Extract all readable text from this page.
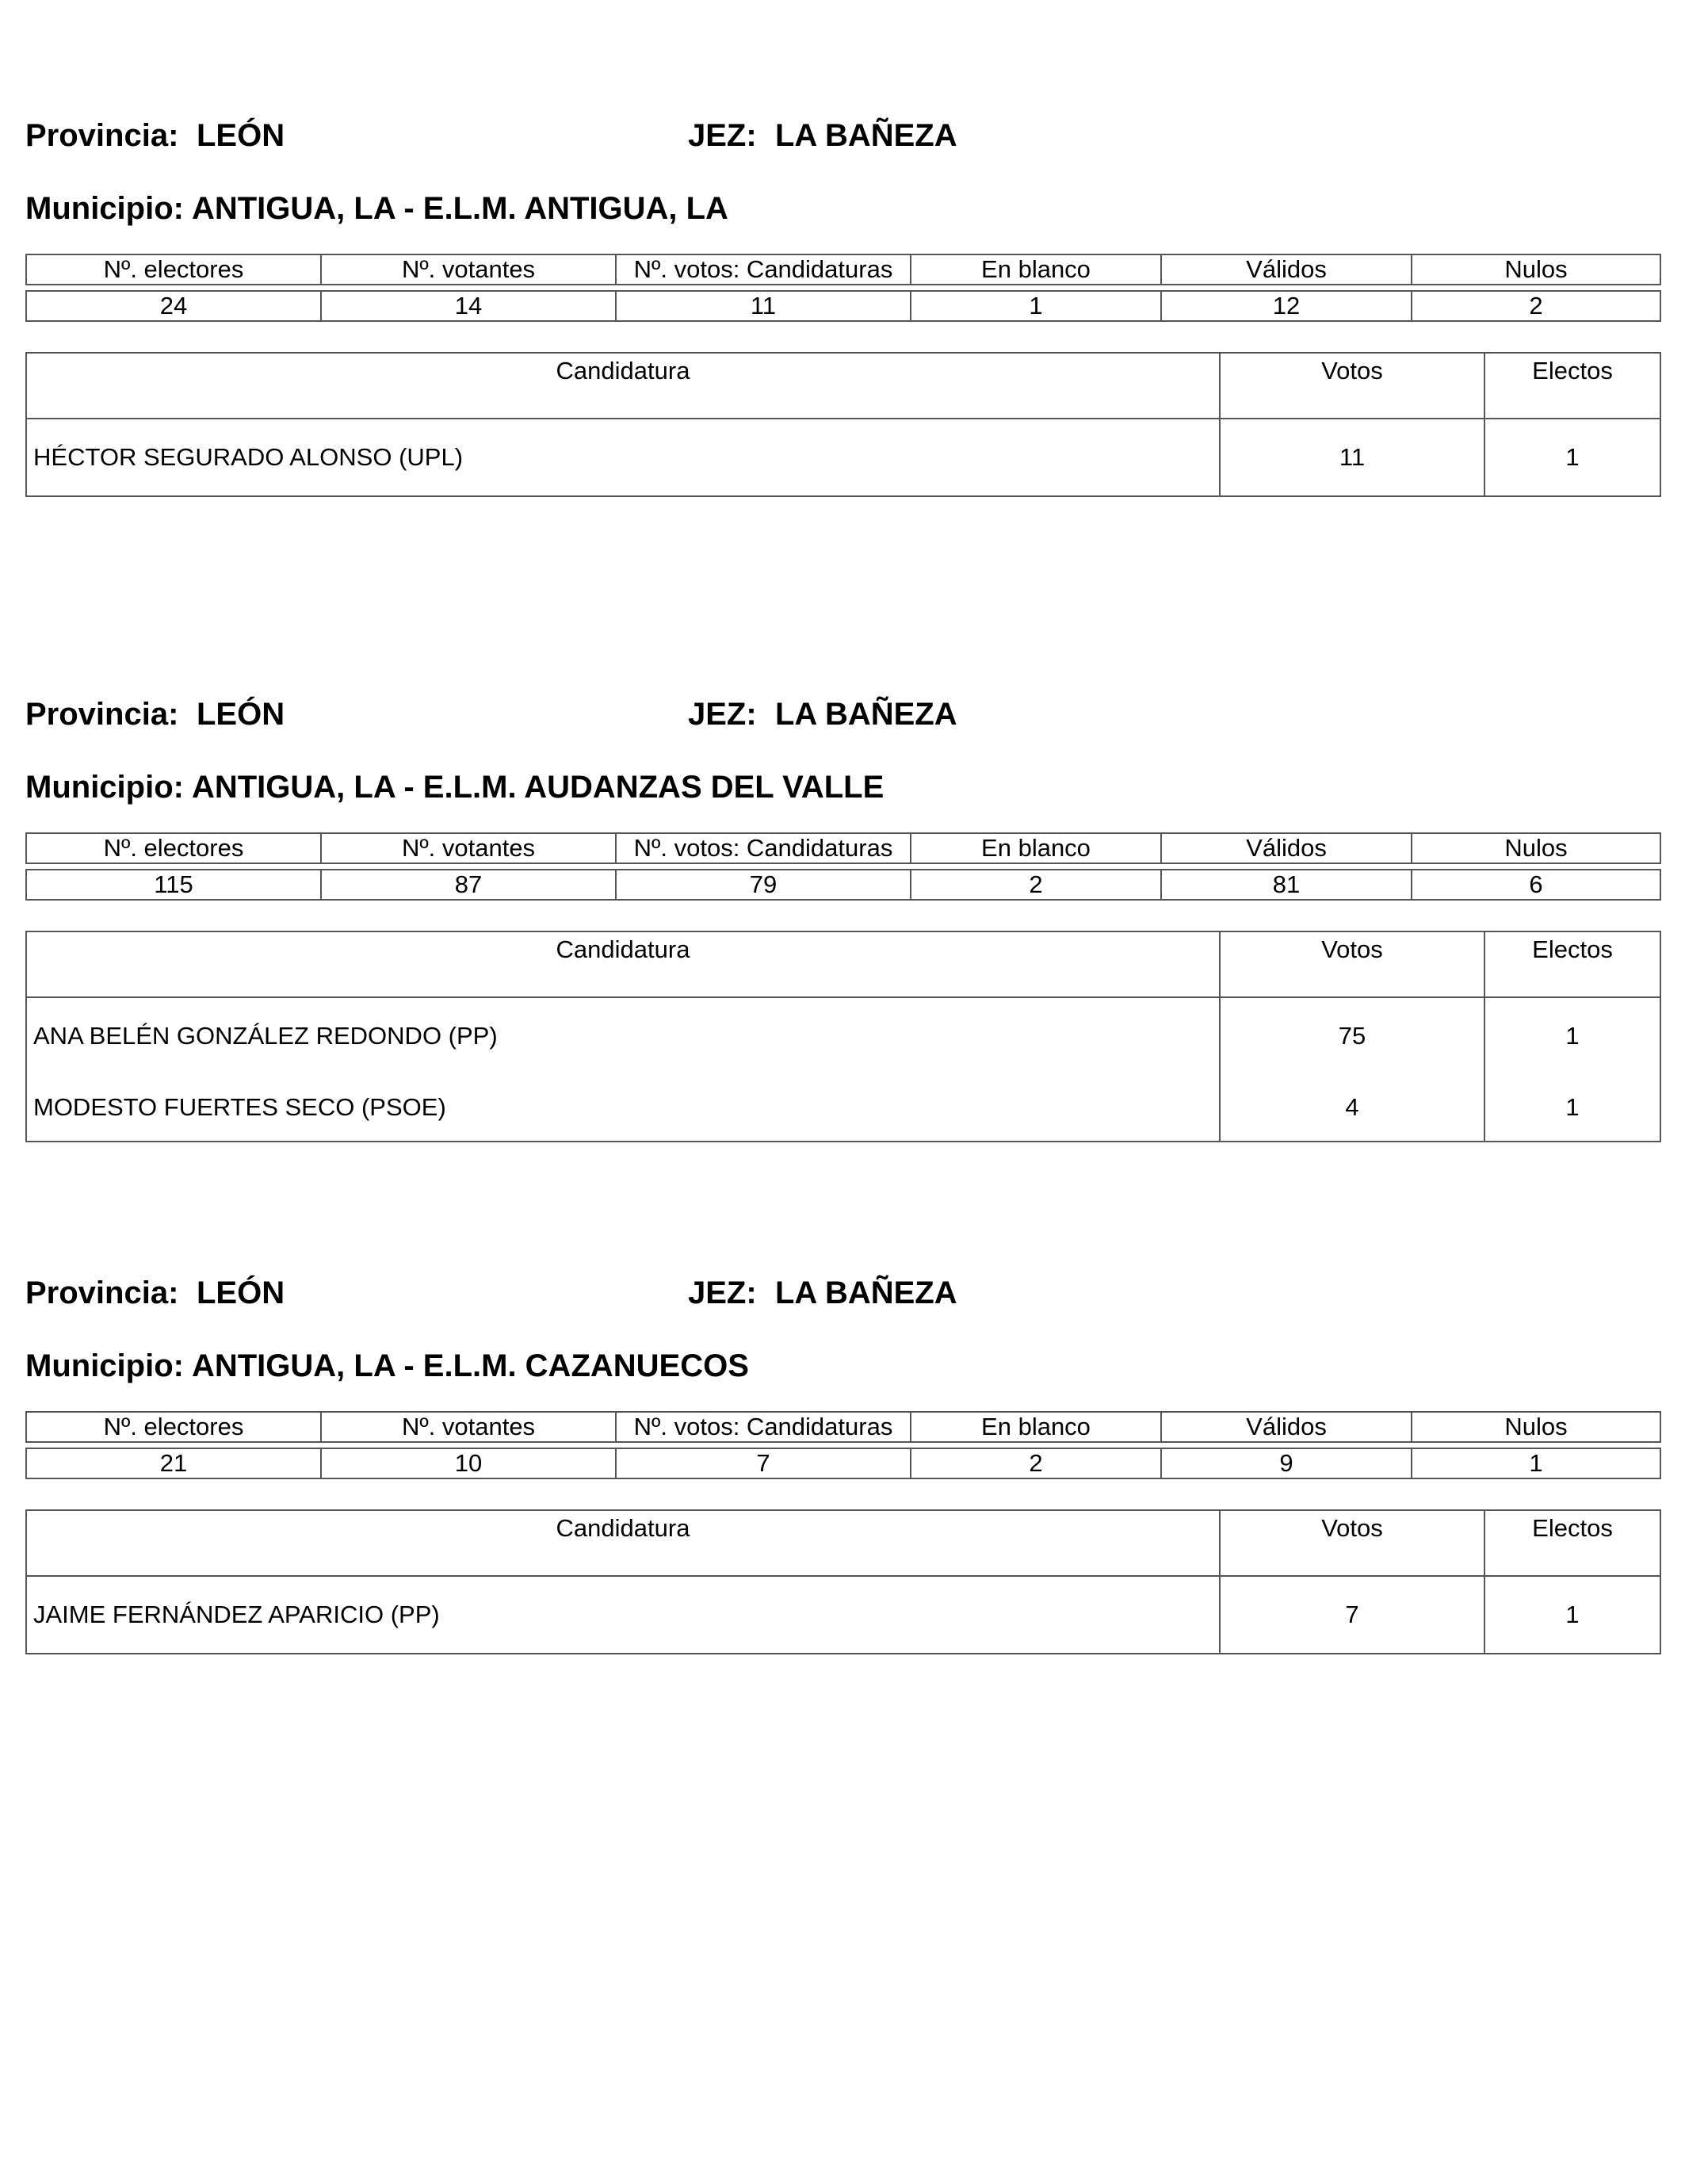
Provincia: LEÓN	JEZ: LA BAÑEZA
Municipio: ANTIGUA, LA - E.L.M. ANTIGUA, LA
Nº. electores	Nº. votantes	Nº. votos: Candidaturas	En blanco	Válidos	Nulos

24	14	11	1	12	2
Candidatura	Votos	Electos
HÉCTOR SEGURADO ALONSO (UPL)	11	1
Provincia: LEÓN	JEZ: LA BAÑEZA
Municipio: ANTIGUA, LA - E.L.M. AUDANZAS DEL VALLE
Nº. electores	Nº. votantes	Nº. votos: Candidaturas	En blanco	Válidos	Nulos

115	87	79	2	81	6
Candidatura	Votos	Electos
ANA BELÉN GONZÁLEZ REDONDO (PP)	75	1
MODESTO FUERTES SECO (PSOE)	4	1
Provincia: LEÓN	JEZ: LA BAÑEZA
Municipio: ANTIGUA, LA - E.L.M. CAZANUECOS
Nº. electores	Nº. votantes	Nº. votos: Candidaturas	En blanco	Válidos	Nulos

21	10	7	2	9	1
Candidatura	Votos	Electos
JAIME FERNÁNDEZ APARICIO (PP)	7	1
